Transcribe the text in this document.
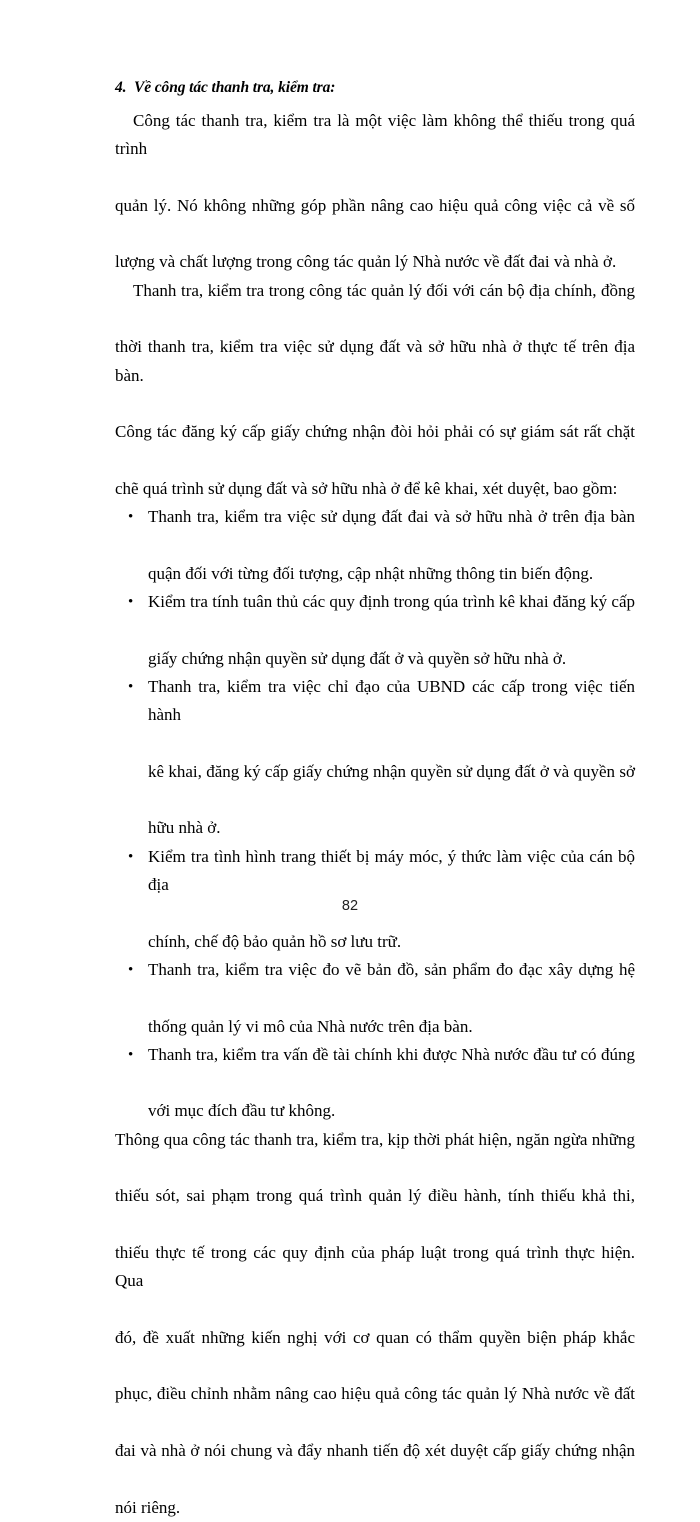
4.  Về công tác thanh tra, kiểm tra:
Công tác thanh tra, kiểm tra là một việc làm không thể thiếu trong quá trình
quản lý. Nó không những góp phần nâng cao hiệu quả công việc cả về số
lượng và chất lượng trong công tác quản lý Nhà nước về đất đai và nhà ở.
Thanh tra, kiểm tra trong công tác quản lý đối với cán bộ địa chính, đồng
thời thanh tra, kiểm tra việc sử dụng đất và sở hữu nhà ở thực tế trên địa bàn.
Công tác đăng ký cấp giấy chứng nhận đòi hỏi phải có sự giám sát rất chặt
chẽ quá trình sử dụng đất và sở hữu nhà ở để kê khai, xét duyệt, bao gồm:
• Thanh tra, kiểm tra việc sử dụng đất đai và sở hữu nhà ở trên địa bàn
quận đối với từng đối tượng, cập nhật những thông tin biến động.
• Kiểm tra tính tuân thủ các quy định trong qúa trình kê khai đăng ký cấp
giấy chứng nhận quyền sử dụng đất ở và quyền sở hữu nhà ở.
• Thanh tra, kiểm tra việc chỉ đạo của UBND các cấp trong việc tiến hành
kê khai, đăng ký cấp giấy chứng nhận quyền sử dụng đất ở và quyền sở
hữu nhà ở.
• Kiểm tra tình hình trang thiết bị máy móc, ý thức làm việc của cán bộ địa
chính, chế độ bảo quản hồ sơ lưu trữ.
• Thanh tra, kiểm tra việc đo vẽ bản đồ, sản phẩm đo đạc xây dựng hệ
thống quản lý vi mô của Nhà nước trên địa bàn.
• Thanh tra, kiểm tra vấn đề tài chính khi được Nhà nước đầu tư có đúng
với mục đích đầu tư không.
Thông qua công tác thanh tra, kiểm tra, kịp thời phát hiện, ngăn ngừa những
thiếu sót, sai phạm trong quá trình quản lý điều hành, tính thiếu khả thi,
thiếu thực tế trong các quy định của pháp luật trong quá trình thực hiện. Qua
đó, đề xuất những kiến nghị với cơ quan có thẩm quyền biện pháp khắc
phục, điều chỉnh nhằm nâng cao hiệu quả công tác quản lý Nhà nước về đất
đai và nhà ở nói chung và đẩy nhanh tiến độ xét duyệt cấp giấy chứng nhận
nói riêng.
82
